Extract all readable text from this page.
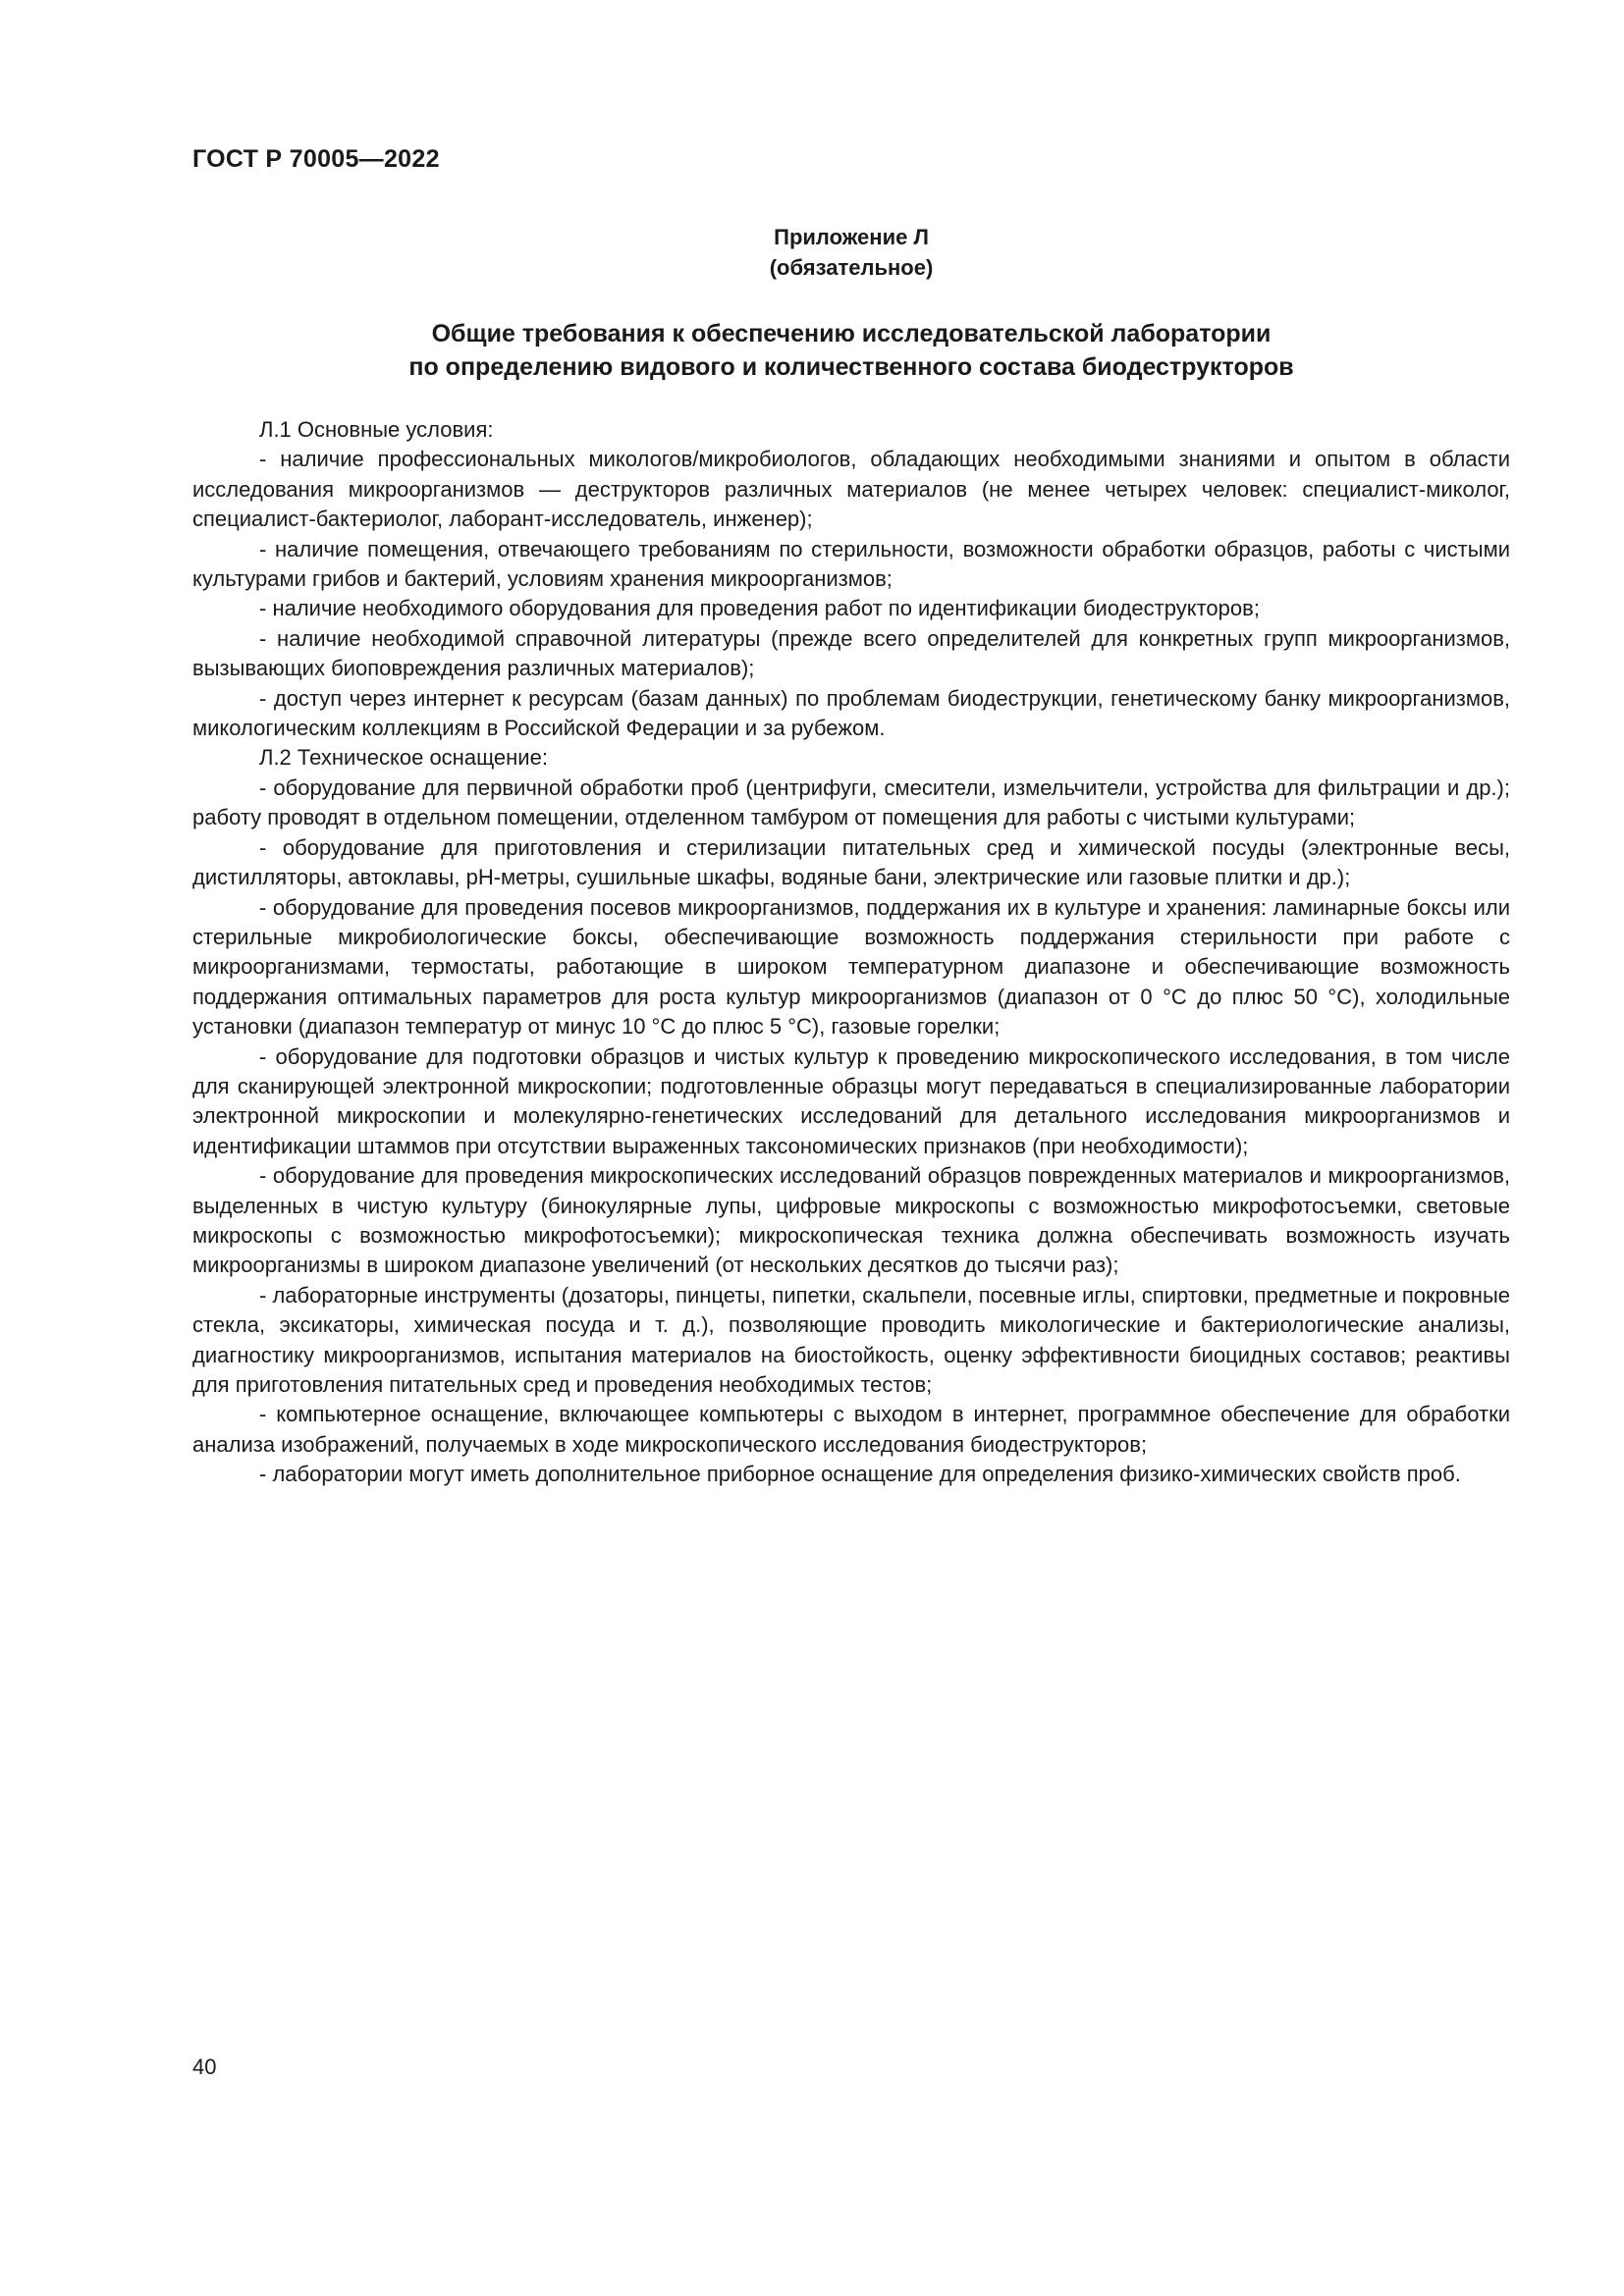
ГОСТ Р 70005—2022
Приложение Л
(обязательное)
Общие требования к обеспечению исследовательской лаборатории
по определению видового и количественного состава биодеструкторов

Л.1 Основные условия:

- наличие профессиональных микологов/микробиологов, обладающих необходимыми знаниями и опытом в области исследования микроорганизмов — деструкторов различных материалов (не менее четырех человек: специалист-миколог, специалист-бактериолог, лаборант-исследователь, инженер);

- наличие помещения, отвечающего требованиям по стерильности, возможности обработки образцов, работы с чистыми культурами грибов и бактерий, условиям хранения микроорганизмов;

- наличие необходимого оборудования для проведения работ по идентификации биодеструкторов;

- наличие необходимой справочной литературы (прежде всего определителей для конкретных групп микроорганизмов, вызывающих биоповреждения различных материалов);

- доступ через интернет к ресурсам (базам данных) по проблемам биодеструкции, генетическому банку микроорганизмов, микологическим коллекциям в Российской Федерации и за рубежом.

Л.2 Техническое оснащение:

- оборудование для первичной обработки проб (центрифуги, смесители, измельчители, устройства для фильтрации и др.); работу проводят в отдельном помещении, отделенном тамбуром от помещения для работы с чистыми культурами;

- оборудование для приготовления и стерилизации питательных сред и химической посуды (электронные весы, дистилляторы, автоклавы, pH-метры, сушильные шкафы, водяные бани, электрические или газовые плитки и др.);

- оборудование для проведения посевов микроорганизмов, поддержания их в культуре и хранения: ламинарные боксы или стерильные микробиологические боксы, обеспечивающие возможность поддержания стерильности при работе с микроорганизмами, термостаты, работающие в широком температурном диапазоне и обеспечивающие возможность поддержания оптимальных параметров для роста культур микроорганизмов (диапазон от 0 °С до плюс 50 °С), холодильные установки (диапазон температур от минус 10 °С до плюс 5 °С), газовые горелки;

- оборудование для подготовки образцов и чистых культур к проведению микроскопического исследования, в том числе для сканирующей электронной микроскопии; подготовленные образцы могут передаваться в специализированные лаборатории электронной микроскопии и молекулярно-генетических исследований для детального исследования микроорганизмов и идентификации штаммов при отсутствии выраженных таксономических признаков (при необходимости);

- оборудование для проведения микроскопических исследований образцов поврежденных материалов и микроорганизмов, выделенных в чистую культуру (бинокулярные лупы, цифровые микроскопы с возможностью микрофотосъемки, световые микроскопы с возможностью микрофотосъемки); микроскопическая техника должна обеспечивать возможность изучать микроорганизмы в широком диапазоне увеличений (от нескольких десятков до тысячи раз);

- лабораторные инструменты (дозаторы, пинцеты, пипетки, скальпели, посевные иглы, спиртовки, предметные и покровные стекла, эксикаторы, химическая посуда и т. д.), позволяющие проводить микологические и бактериологические анализы, диагностику микроорганизмов, испытания материалов на биостойкость, оценку эффективности биоцидных составов; реактивы для приготовления питательных сред и проведения необходимых тестов;

- компьютерное оснащение, включающее компьютеры с выходом в интернет, программное обеспечение для обработки анализа изображений, получаемых в ходе микроскопического исследования биодеструкторов;

- лаборатории могут иметь дополнительное приборное оснащение для определения физико-химических свойств проб.

40
